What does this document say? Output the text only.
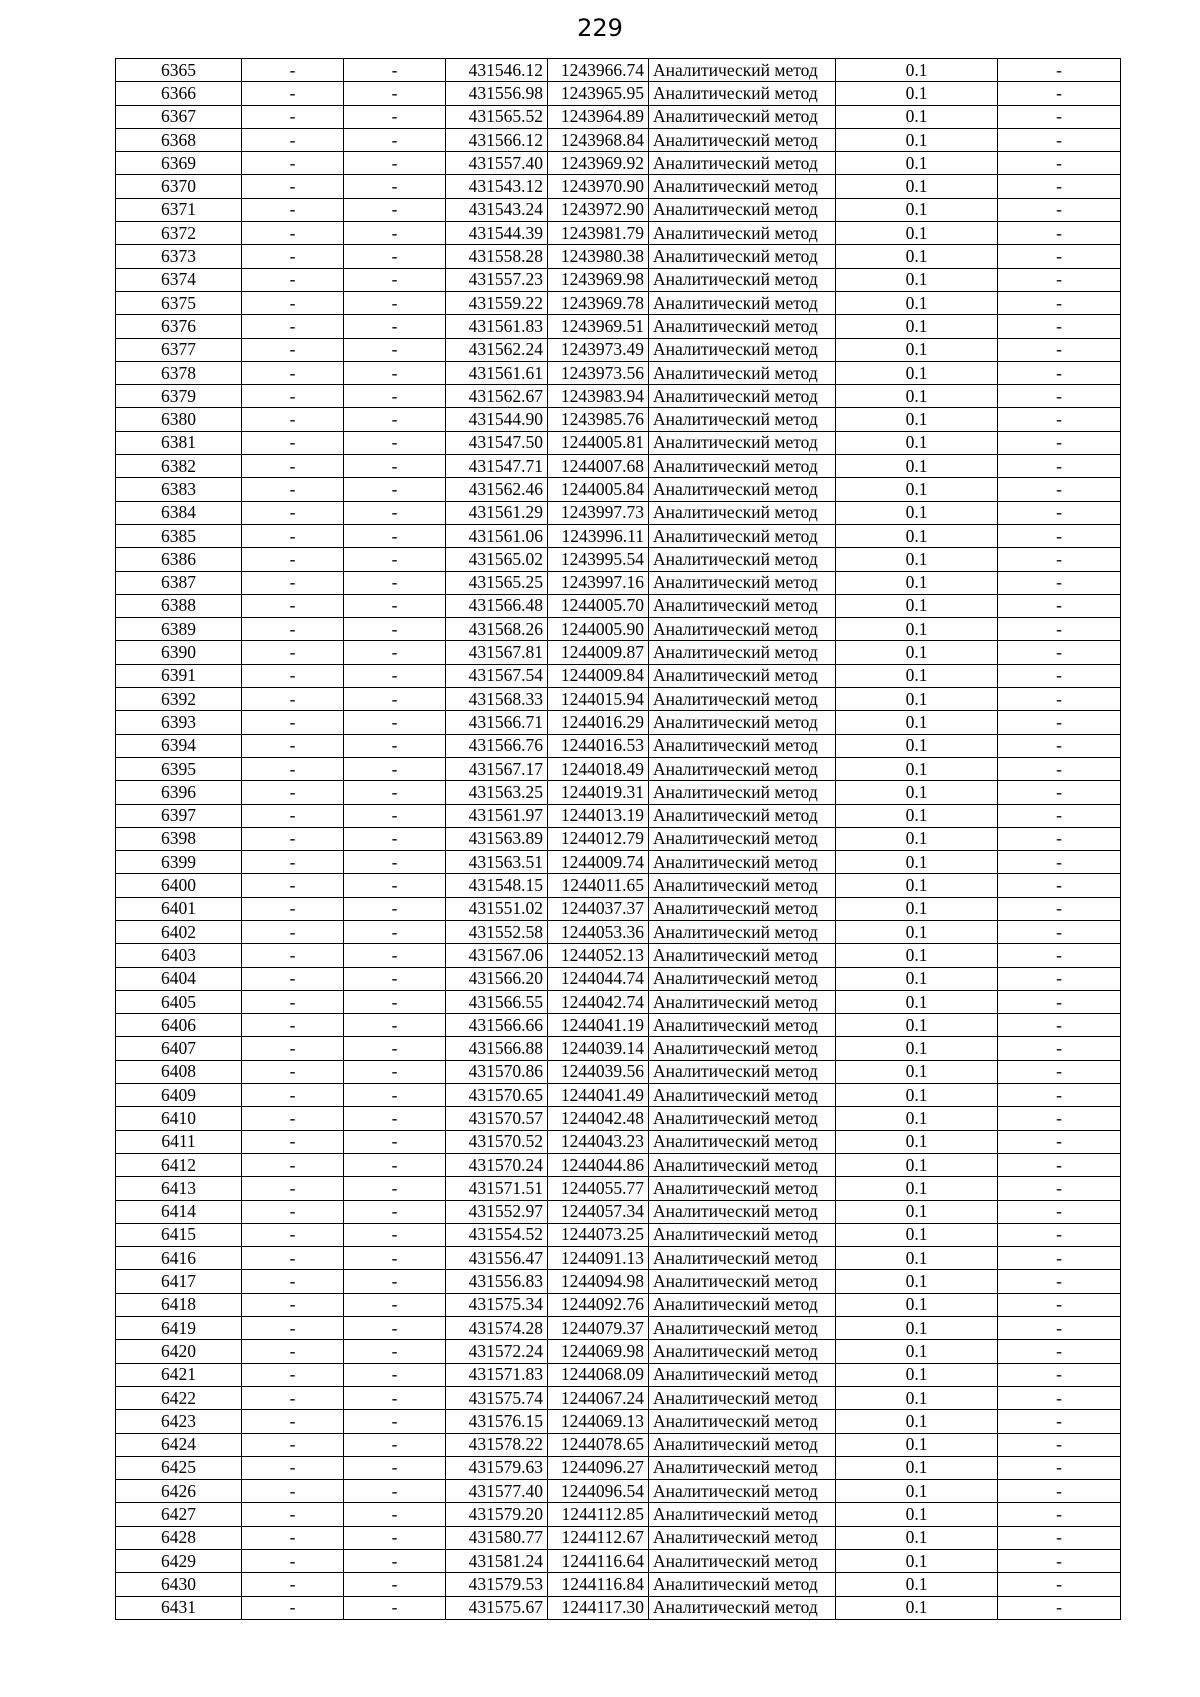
229
6365	-	-	431546.12	1243966.74	Аналитический метод	0.1	-
6366	-	-	431556.98	1243965.95	Аналитический метод	0.1	-
6367	-	-	431565.52	1243964.89	Аналитический метод	0.1	-
6368	-	-	431566.12	1243968.84	Аналитический метод	0.1	-
6369	-	-	431557.40	1243969.92	Аналитический метод	0.1	-
6370	-	-	431543.12	1243970.90	Аналитический метод	0.1	-
6371	-	-	431543.24	1243972.90	Аналитический метод	0.1	-
6372	-	-	431544.39	1243981.79	Аналитический метод	0.1	-
6373	-	-	431558.28	1243980.38	Аналитический метод	0.1	-
6374	-	-	431557.23	1243969.98	Аналитический метод	0.1	-
6375	-	-	431559.22	1243969.78	Аналитический метод	0.1	-
6376	-	-	431561.83	1243969.51	Аналитический метод	0.1	-
6377	-	-	431562.24	1243973.49	Аналитический метод	0.1	-
6378	-	-	431561.61	1243973.56	Аналитический метод	0.1	-
6379	-	-	431562.67	1243983.94	Аналитический метод	0.1	-
6380	-	-	431544.90	1243985.76	Аналитический метод	0.1	-
6381	-	-	431547.50	1244005.81	Аналитический метод	0.1	-
6382	-	-	431547.71	1244007.68	Аналитический метод	0.1	-
6383	-	-	431562.46	1244005.84	Аналитический метод	0.1	-
6384	-	-	431561.29	1243997.73	Аналитический метод	0.1	-
6385	-	-	431561.06	1243996.11	Аналитический метод	0.1	-
6386	-	-	431565.02	1243995.54	Аналитический метод	0.1	-
6387	-	-	431565.25	1243997.16	Аналитический метод	0.1	-
6388	-	-	431566.48	1244005.70	Аналитический метод	0.1	-
6389	-	-	431568.26	1244005.90	Аналитический метод	0.1	-
6390	-	-	431567.81	1244009.87	Аналитический метод	0.1	-
6391	-	-	431567.54	1244009.84	Аналитический метод	0.1	-
6392	-	-	431568.33	1244015.94	Аналитический метод	0.1	-
6393	-	-	431566.71	1244016.29	Аналитический метод	0.1	-
6394	-	-	431566.76	1244016.53	Аналитический метод	0.1	-
6395	-	-	431567.17	1244018.49	Аналитический метод	0.1	-
6396	-	-	431563.25	1244019.31	Аналитический метод	0.1	-
6397	-	-	431561.97	1244013.19	Аналитический метод	0.1	-
6398	-	-	431563.89	1244012.79	Аналитический метод	0.1	-
6399	-	-	431563.51	1244009.74	Аналитический метод	0.1	-
6400	-	-	431548.15	1244011.65	Аналитический метод	0.1	-
6401	-	-	431551.02	1244037.37	Аналитический метод	0.1	-
6402	-	-	431552.58	1244053.36	Аналитический метод	0.1	-
6403	-	-	431567.06	1244052.13	Аналитический метод	0.1	-
6404	-	-	431566.20	1244044.74	Аналитический метод	0.1	-
6405	-	-	431566.55	1244042.74	Аналитический метод	0.1	-
6406	-	-	431566.66	1244041.19	Аналитический метод	0.1	-
6407	-	-	431566.88	1244039.14	Аналитический метод	0.1	-
6408	-	-	431570.86	1244039.56	Аналитический метод	0.1	-
6409	-	-	431570.65	1244041.49	Аналитический метод	0.1	-
6410	-	-	431570.57	1244042.48	Аналитический метод	0.1	-
6411	-	-	431570.52	1244043.23	Аналитический метод	0.1	-
6412	-	-	431570.24	1244044.86	Аналитический метод	0.1	-
6413	-	-	431571.51	1244055.77	Аналитический метод	0.1	-
6414	-	-	431552.97	1244057.34	Аналитический метод	0.1	-
6415	-	-	431554.52	1244073.25	Аналитический метод	0.1	-
6416	-	-	431556.47	1244091.13	Аналитический метод	0.1	-
6417	-	-	431556.83	1244094.98	Аналитический метод	0.1	-
6418	-	-	431575.34	1244092.76	Аналитический метод	0.1	-
6419	-	-	431574.28	1244079.37	Аналитический метод	0.1	-
6420	-	-	431572.24	1244069.98	Аналитический метод	0.1	-
6421	-	-	431571.83	1244068.09	Аналитический метод	0.1	-
6422	-	-	431575.74	1244067.24	Аналитический метод	0.1	-
6423	-	-	431576.15	1244069.13	Аналитический метод	0.1	-
6424	-	-	431578.22	1244078.65	Аналитический метод	0.1	-
6425	-	-	431579.63	1244096.27	Аналитический метод	0.1	-
6426	-	-	431577.40	1244096.54	Аналитический метод	0.1	-
6427	-	-	431579.20	1244112.85	Аналитический метод	0.1	-
6428	-	-	431580.77	1244112.67	Аналитический метод	0.1	-
6429	-	-	431581.24	1244116.64	Аналитический метод	0.1	-
6430	-	-	431579.53	1244116.84	Аналитический метод	0.1	-
6431	-	-	431575.67	1244117.30	Аналитический метод	0.1	-
